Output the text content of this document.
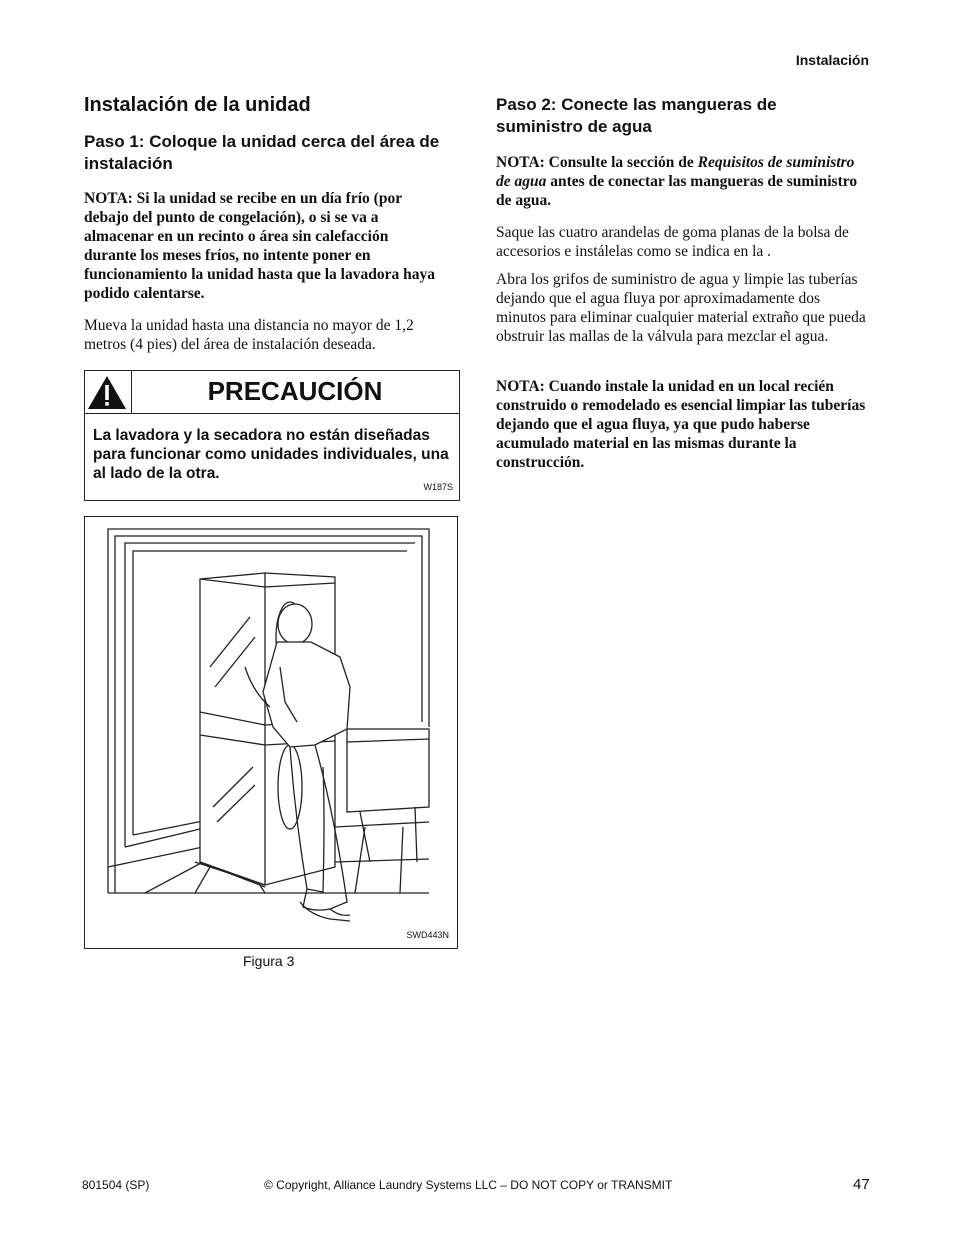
Instalación
Instalación de la unidad
Paso 1: Coloque la unidad cerca del área de instalación

NOTA: Si la unidad se recibe en un día frío (por debajo del punto de congelación), o si se va a almacenar en un recinto o área sin calefacción durante los meses fríos, no intente poner en funcionamiento la unidad hasta que la lavadora haya podido calentarse.

Mueva la unidad hasta una distancia no mayor de 1,2 metros (4 pies) del área de instalación deseada.

PRECAUCIÓN
La lavadora y la secadora no están diseñadas para funcionar como unidades individuales, una al lado de la otra.
W187S
SWD443N
Figura 3
Paso 2: Conecte las mangueras de suministro de agua

NOTA: Consulte la sección de Requisitos de suministro de agua antes de conectar las mangueras de suministro de agua.

Saque las cuatro arandelas de goma planas de la bolsa de accesorios e instálelas como se indica en la .

Abra los grifos de suministro de agua y limpie las tuberías dejando que el agua fluya por aproximadamente dos minutos para eliminar cualquier material extraño que pueda obstruir las mallas de la válvula para mezclar el agua.

NOTA: Cuando instale la unidad en un local recién construido o remodelado es esencial limpiar las tuberías dejando que el agua fluya, ya que pudo haberse acumulado material en las mismas durante la construcción.

801504 (SP)	© Copyright, Alliance Laundry Systems LLC – DO NOT COPY or TRANSMIT	47
